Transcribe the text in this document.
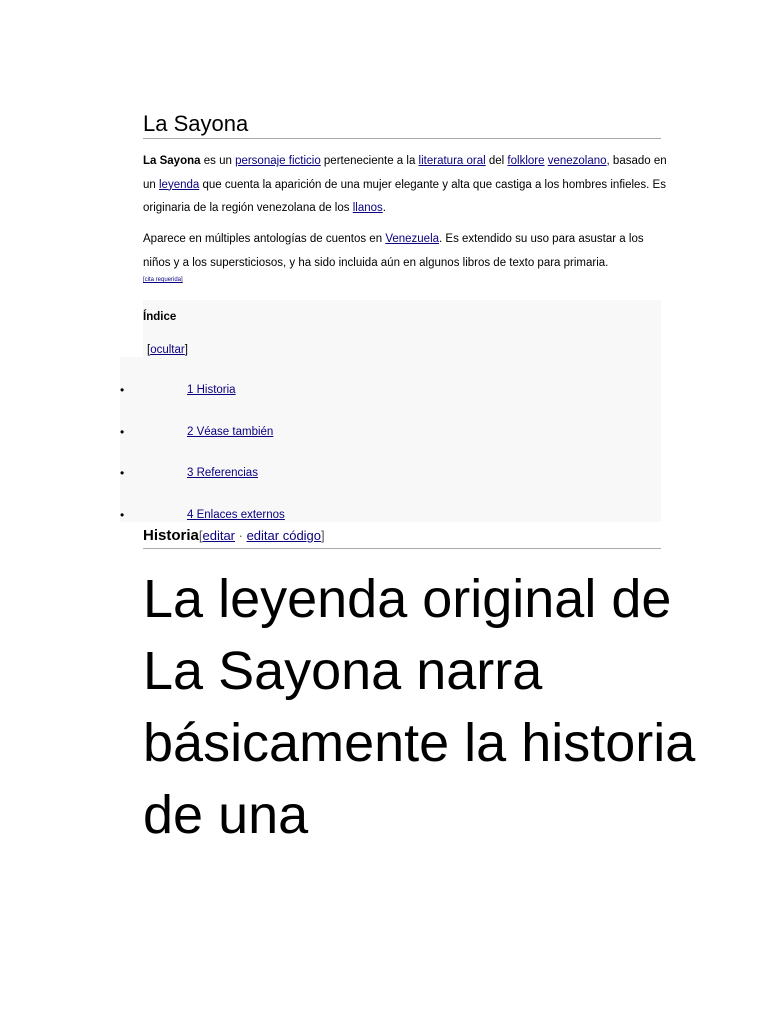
La Sayona

La Sayona es un personaje ficticio perteneciente a la literatura oral del folklore venezolano, basado en un leyenda que cuenta la aparición de una mujer elegante y alta que castiga a los hombres infieles. Es originaria de la región venezolana de los llanos.

Aparece en múltiples antologías de cuentos en Venezuela. Es extendido su uso para asustar a los niños y a los supersticiosos, y ha sido incluida aún en algunos libros de texto para primaria.

[cita requerida]
Índice
[ocultar]
•	1 Historia
•	2 Véase también
•	3 Referencias
•	4 Enlaces externos
Historia[editar · editar código]

La leyenda original de La Sayona narra básicamente la historia de una
